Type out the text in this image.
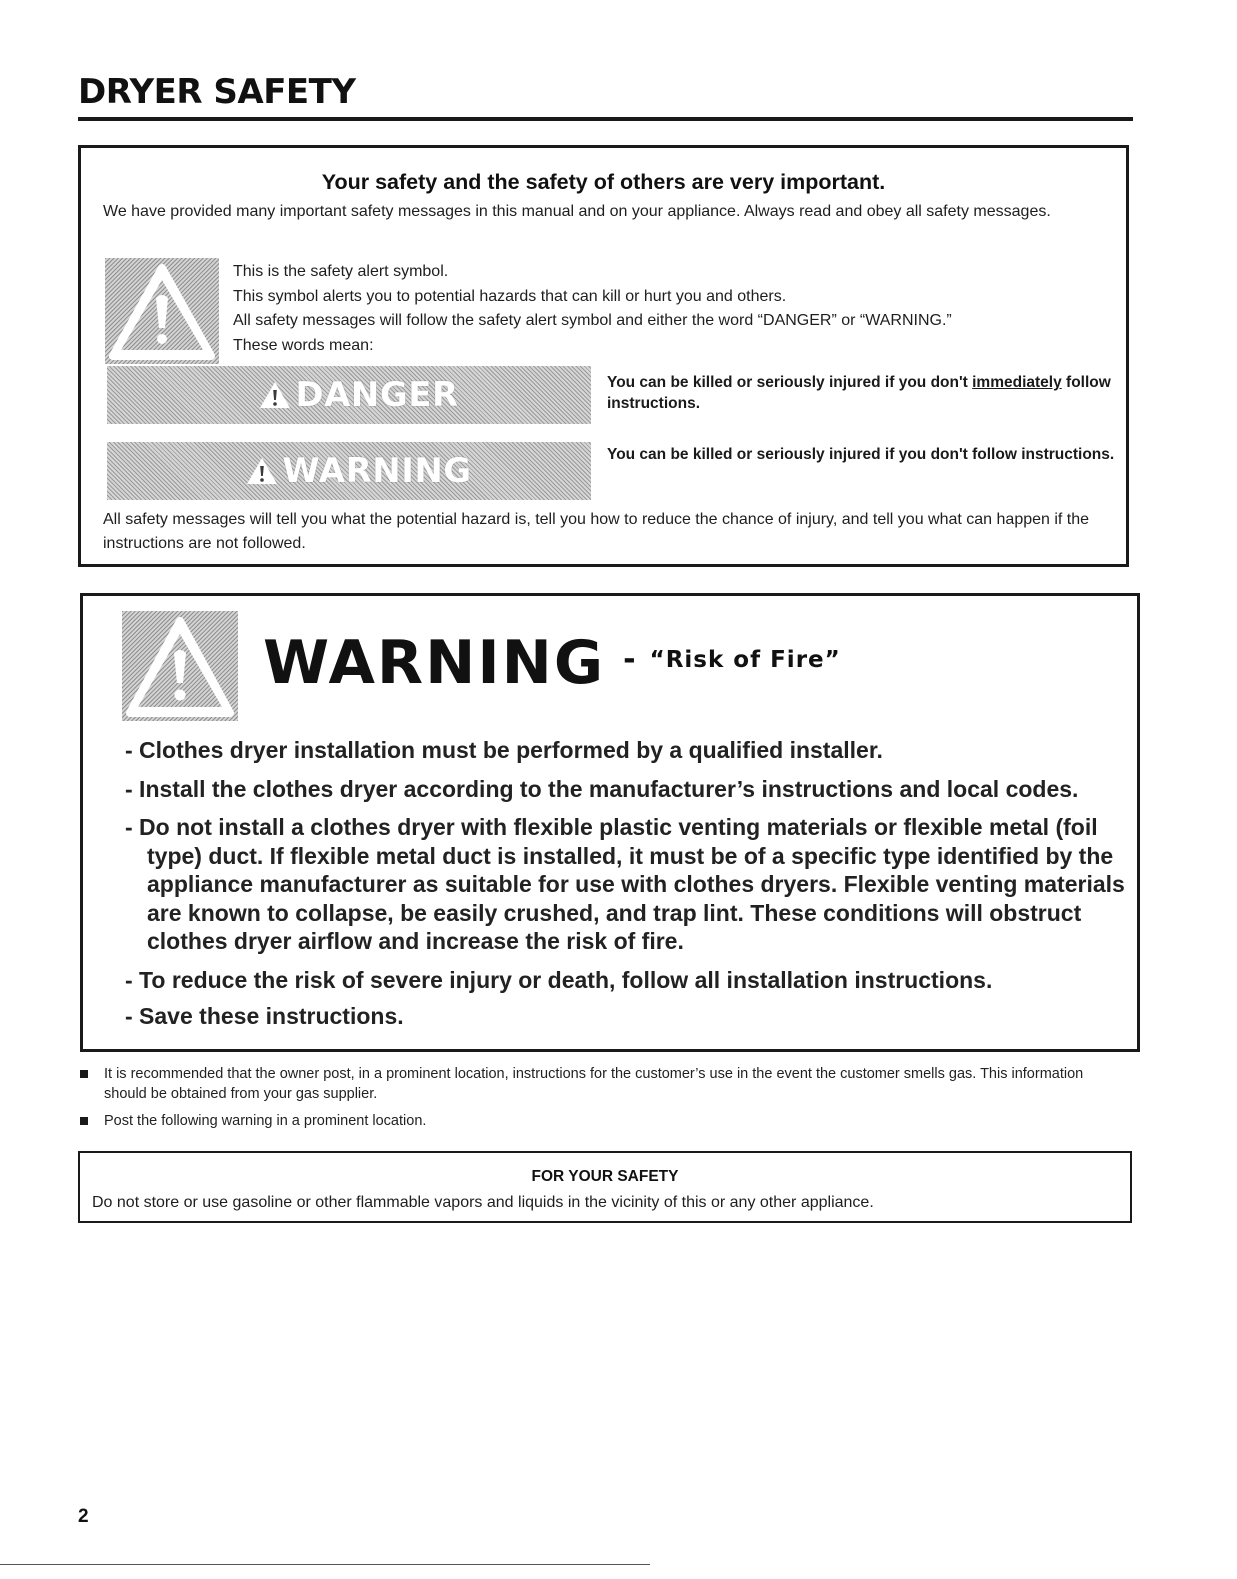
DRYER SAFETY
Your safety and the safety of others are very important.
We have provided many important safety messages in this manual and on your appliance. Always read and obey all safety messages.
This is the safety alert symbol.
This symbol alerts you to potential hazards that can kill or hurt you and others.
All safety messages will follow the safety alert symbol and either the word “DANGER” or “WARNING.”
These words mean:
DANGER	You can be killed or seriously injured if you don't immediately follow instructions.
WARNING	You can be killed or seriously injured if you don't follow instructions.
All safety messages will tell you what the potential hazard is, tell you how to reduce the chance of injury, and tell you what can happen if the instructions are not followed.
WARNING - “Risk of Fire”
- Clothes dryer installation must be performed by a qualified installer.
- Install the clothes dryer according to the manufacturer’s instructions and local codes.
- Do not install a clothes dryer with flexible plastic venting materials or flexible metal (foil type) duct. If flexible metal duct is installed, it must be of a specific type identified by the appliance manufacturer as suitable for use with clothes dryers. Flexible venting materials are known to collapse, be easily crushed, and trap lint. These conditions will obstruct clothes dryer airflow and increase the risk of fire.
- To reduce the risk of severe injury or death, follow all installation instructions.
- Save these instructions.
It is recommended that the owner post, in a prominent location, instructions for the customer’s use in the event the customer smells gas. This information should be obtained from your gas supplier.
Post the following warning in a prominent location.
FOR YOUR SAFETY
Do not store or use gasoline or other flammable vapors and liquids in the vicinity of this or any other appliance.
2
